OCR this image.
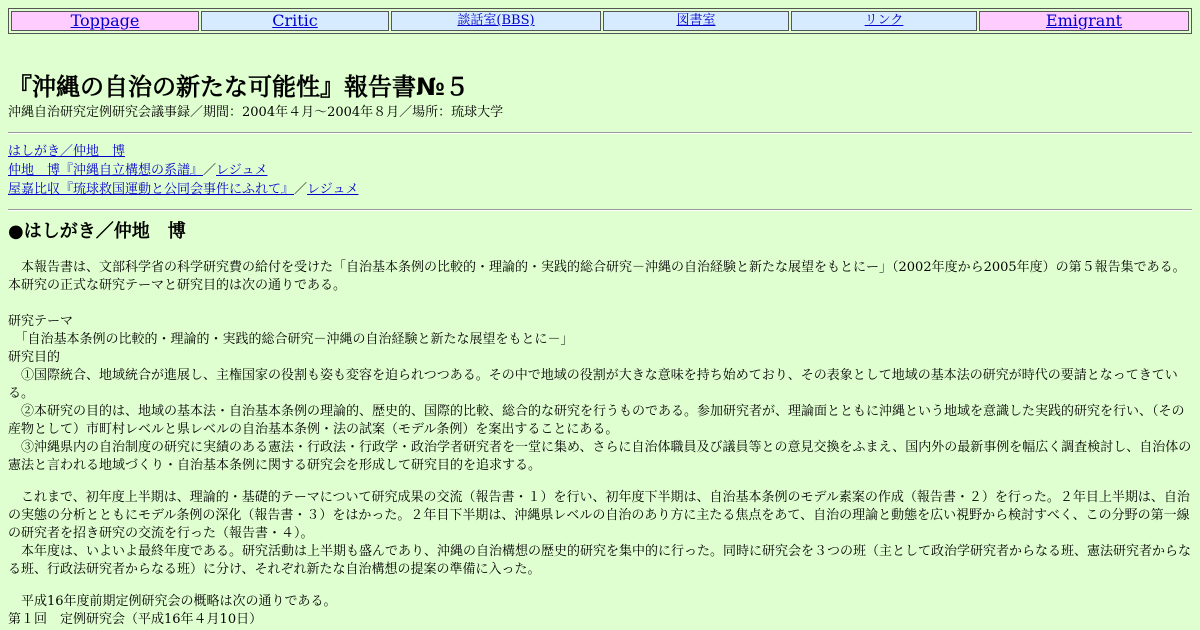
Toppage	Critic	談話室(BBS)	図書室	リンク	Emigrant
『沖縄の自治の新たな可能性』報告書№５
沖縄自治研究定例研究会議事録／期間：2004年４月～2004年８月／場所：琉球大学
はしがき／仲地　博
仲地　博『沖縄自立構想の系譜』／レジュメ
屋嘉比収『琉球救国運動と公同会事件にふれて』／レジュメ
●はしがき／仲地　博

　本報告書は、文部科学省の科学研究費の給付を受けた「自治基本条例の比較的・理論的・実践的総合研究－沖縄の自治経験と新たな展望をもとにー」（2002年度から2005年度）の第５報告集である。本研究の正式な研究テーマと研究目的は次の通りである。

研究テーマ

　「自治基本条例の比較的・理論的・実践的総合研究－沖縄の自治経験と新たな展望をもとに－」

研究目的

　①国際統合、地域統合が進展し、主権国家の役割も姿も変容を迫られつつある。その中で地域の役割が大きな意味を持ち始めており、その表象として地域の基本法の研究が時代の要請となってきている。

　②本研究の目的は、地域の基本法・自治基本条例の理論的、歴史的、国際的比較、総合的な研究を行うものである。参加研究者が、理論面とともに沖縄という地域を意識した実践的研究を行い、（その産物として）市町村レベルと県レベルの自治基本条例・法の試案（モデル条例）を案出することにある。

　③沖縄県内の自治制度の研究に実績のある憲法・行政法・行政学・政治学者研究者を一堂に集め、さらに自治体職員及び議員等との意見交換をふまえ、国内外の最新事例を幅広く調査検討し、自治体の憲法と言われる地域づくり・自治基本条例に関する研究会を形成して研究目的を追求する。

　これまで、初年度上半期は、理論的・基礎的テーマについて研究成果の交流（報告書・１）を行い、初年度下半期は、自治基本条例のモデル素案の作成（報告書・２）を行った。２年目上半期は、自治の実態の分析とともにモデル条例の深化（報告書・３）をはかった。２年目下半期は、沖縄県レベルの自治のあり方に主たる焦点をあて、自治の理論と動態を広い視野から検討すべく、この分野の第一線の研究者を招き研究の交流を行った（報告書・４）。

　本年度は、いよいよ最終年度である。研究活動は上半期も盛んであり、沖縄の自治構想の歴史的研究を集中的に行った。同時に研究会を３つの班（主として政治学研究者からなる班、憲法研究者からなる班、行政法研究者からなる班）に分け、それぞれ新たな自治構想の提案の準備に入った。

　平成16年度前期定例研究会の概略は次の通りである。

第１回　定例研究会（平成16年４月10日）
